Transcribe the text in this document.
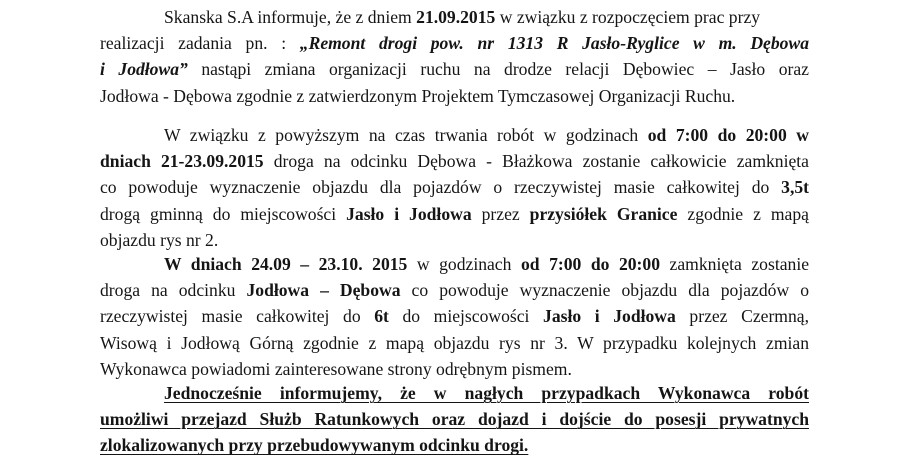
Skanska S.A informuje, że z dniem 21.09.2015 w związku z rozpoczęciem prac przy
realizacji zadania pn. : „Remont drogi pow. nr 1313 R Jasło-Ryglice w m. Dębowa
i Jodłowa” nastąpi zmiana organizacji ruchu na drodze relacji Dębowiec – Jasło oraz
Jodłowa - Dębowa zgodnie z zatwierdzonym Projektem Tymczasowej Organizacji Ruchu.
W związku z powyższym na czas trwania robót w godzinach od 7:00 do 20:00 w
dniach 21-23.09.2015 droga na odcinku Dębowa - Błażkowa zostanie całkowicie zamknięta
co powoduje wyznaczenie objazdu dla pojazdów o rzeczywistej masie całkowitej do 3,5t
drogą gminną do miejscowości Jasło i Jodłowa przez przysiółek Granice zgodnie z mapą
objazdu rys nr 2.
W dniach 24.09 – 23.10. 2015 w godzinach od 7:00 do 20:00 zamknięta zostanie
droga na odcinku Jodłowa – Dębowa co powoduje wyznaczenie objazdu dla pojazdów o
rzeczywistej masie całkowitej do 6t do miejscowości Jasło i Jodłowa przez Czermną,
Wisową i Jodłową Górną zgodnie z mapą objazdu rys nr 3. W przypadku kolejnych zmian
Wykonawca powiadomi zainteresowane strony odrębnym pismem.
Jednocześnie informujemy, że w nagłych przypadkach Wykonawca robót
umożliwi przejazd Służb Ratunkowych oraz dojazd i dojście do posesji prywatnych
zlokalizowanych przy przebudowywanym odcinku drogi.
